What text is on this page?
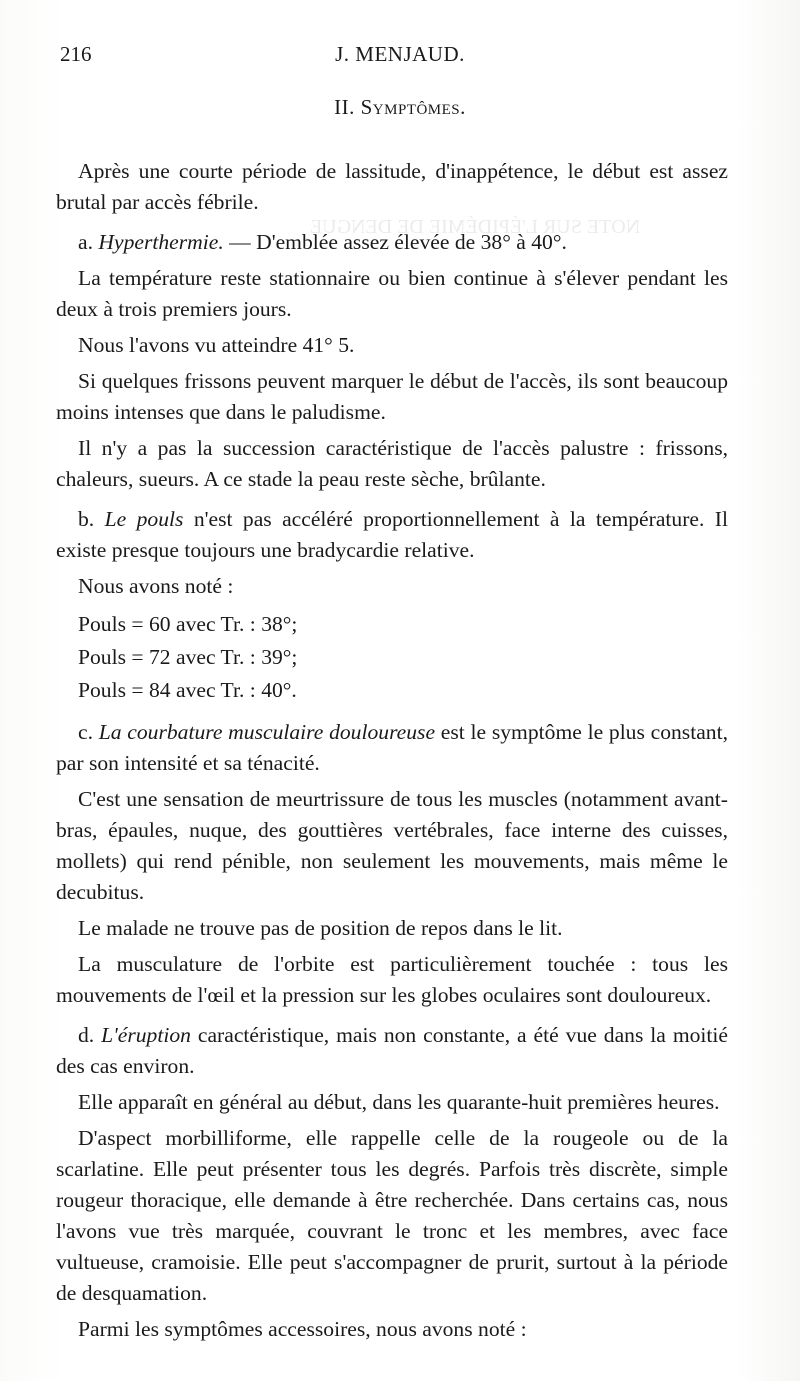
NOTE SUR L'ÉPIDÉMIE DE DENGUE
216	J. MENJAUD.
II. Symptômes.

Après une courte période de lassitude, d'inappétence, le début est assez brutal par accès fébrile.

a. Hyperthermie. — D'emblée assez élevée de 38° à 40°.

La température reste stationnaire ou bien continue à s'élever pendant les deux à trois premiers jours.

Nous l'avons vu atteindre 41° 5.

Si quelques frissons peuvent marquer le début de l'accès, ils sont beaucoup moins intenses que dans le paludisme.

Il n'y a pas la succession caractéristique de l'accès palustre : frissons, chaleurs, sueurs. A ce stade la peau reste sèche, brûlante.

b. Le pouls n'est pas accéléré proportionnellement à la température. Il existe presque toujours une bradycardie relative.

Nous avons noté :

Pouls = 60 avec Tr. : 38°;
Pouls = 72 avec Tr. : 39°;
Pouls = 84 avec Tr. : 40°.

c. La courbature musculaire douloureuse est le symptôme le plus constant, par son intensité et sa ténacité.

C'est une sensation de meurtrissure de tous les muscles (notamment avant-bras, épaules, nuque, des gouttières vertébrales, face interne des cuisses, mollets) qui rend pénible, non seulement les mouvements, mais même le decubitus.

Le malade ne trouve pas de position de repos dans le lit.

La musculature de l'orbite est particulièrement touchée : tous les mouvements de l'œil et la pression sur les globes oculaires sont douloureux.

d. L'éruption caractéristique, mais non constante, a été vue dans la moitié des cas environ.

Elle apparaît en général au début, dans les quarante-huit premières heures.

D'aspect morbilliforme, elle rappelle celle de la rougeole ou de la scarlatine. Elle peut présenter tous les degrés. Parfois très discrète, simple rougeur thoracique, elle demande à être recherchée. Dans certains cas, nous l'avons vue très marquée, couvrant le tronc et les membres, avec face vultueuse, cramoisie. Elle peut s'accompagner de prurit, surtout à la période de desquamation.

Parmi les symptômes accessoires, nous avons noté :
